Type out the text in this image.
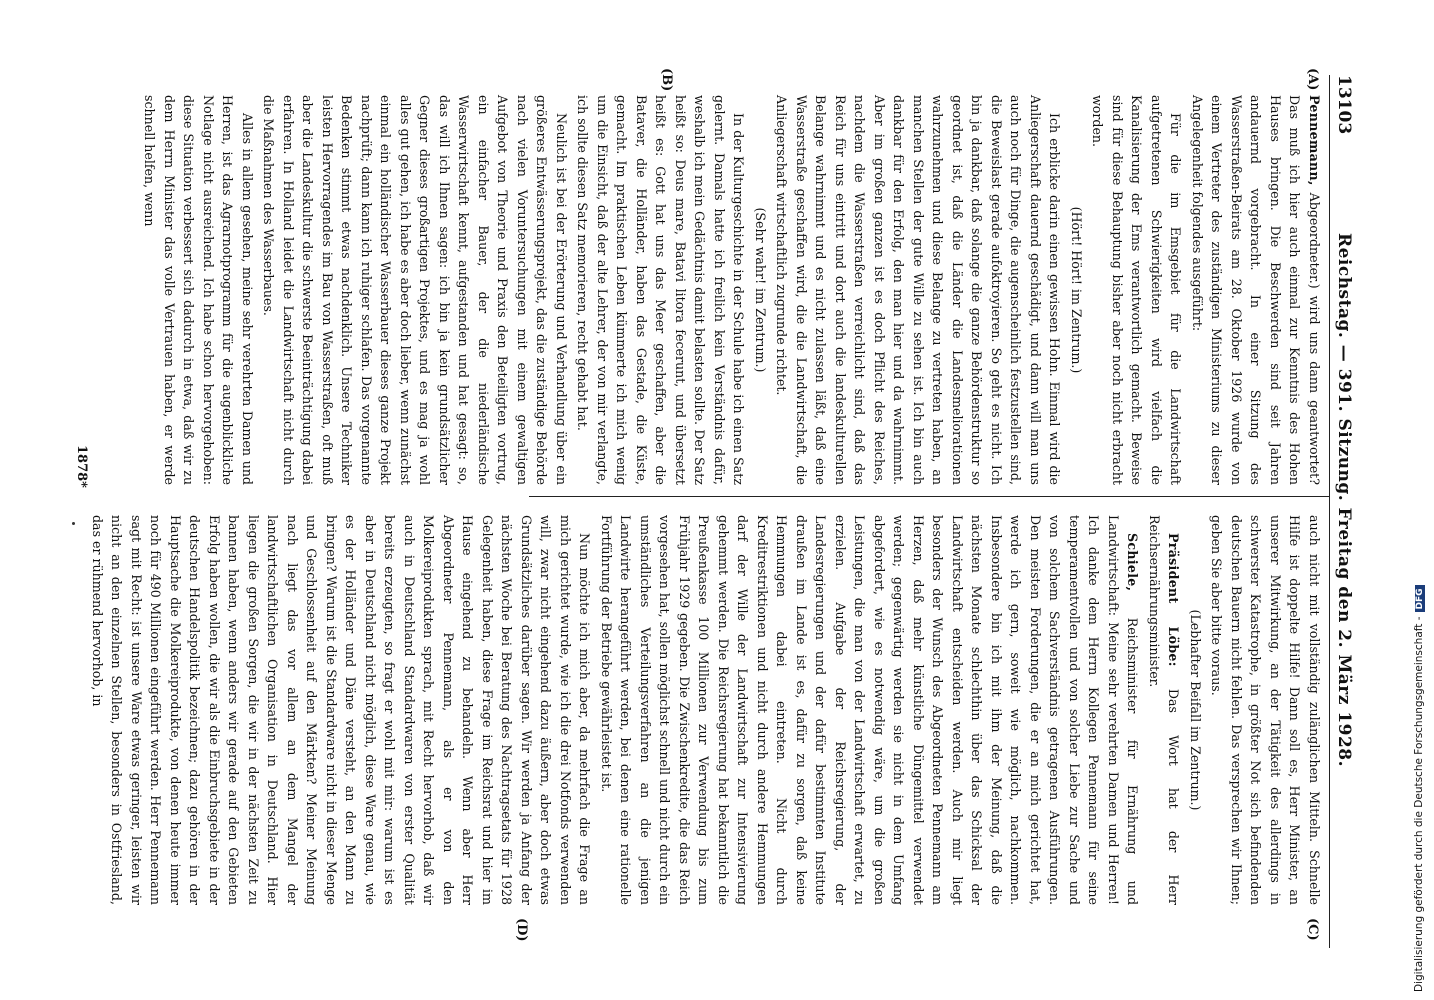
13103
Reichstag. — 391. Sitzung. Freitag den 2. März 1928.
(A)
(B)
(C)
(D)

Pennemann, Abgeordneter.) wird uns dann geantwortet? Das muß ich hier auch einmal zur Kenntnis des Hohen Hauses bringen. Die Beschwerden sind seit Jahren andauernd vorgebracht. In einer Sitzung des Wasserstraßen-Beirats am 28. Oktober 1926 wurde von einem Vertreter des zuständigen Ministeriums zu dieser Angelegenheit folgendes ausgeführt:

Für die im Emsgebiet für die Landwirtschaft aufgetretenen Schwierigkeiten wird vielfach die Kanalisierung der Ems verantwortlich gemacht. Beweise sind für diese Behauptung bisher aber noch nicht erbracht worden.

(Hört! Hört! im Zentrum.)

Ich erblicke darin einen gewissen Hohn. Einmal wird die Anliegerschaft dauernd geschädigt, und dann will man uns auch noch für Dinge, die augenscheinlich festzustellen sind, die Beweislast gerade aufoktroyieren. So geht es nicht. Ich bin ja dankbar, daß solange die ganze Behördenstruktur so geordnet ist, daß die Länder die Landesmeliorationen wahrzunehmen und diese Belange zu vertreten haben, an manchen Stellen der gute Wille zu sehen ist. Ich bin auch dankbar für den Erfolg, den man hier und da wahrnimmt. Aber im großen ganzen ist es doch Pflicht des Reiches, nachdem die Wasserstraßen verreichlicht sind, daß das Reich für uns eintritt und dort auch die landeskulturellen Belange wahrnimmt und es nicht zulassen läßt, daß eine Wasserstraße geschaffen wird, die die Landwirtschaft, die Anliegerschaft wirtschaftlich zugrunde richtet.

(Sehr wahr! im Zentrum.)

In der Kulturgeschichte in der Schule habe ich einen Satz gelernt. Damals hatte ich freilich kein Verständnis dafür, weshalb ich mein Gedächtnis damit belasten sollte. Der Satz heißt so: Deus mare, Batavi litora fecerunt, und übersetzt heißt es: Gott hat uns das Meer geschaffen, aber die Bataver, die Holländer, haben das Gestade, die Küste, gemacht. Im praktischen Leben kümmerte ich mich wenig um die Einsicht, daß der alte Lehrer, der von mir verlangte, ich sollte diesen Satz memorieren, recht gehabt hat.

Neulich ist bei der Erörterung und Verhandlung über ein größeres Entwässerungsprojekt, das die zuständige Behörde nach vielen Voruntersuchungen mit einem gewaltigen Aufgebot von Theorie und Praxis den Beteiligten vortrug, ein einfacher Bauer, der die niederländische Wasserwirtschaft kennt, aufgestanden und hat gesagt: so, das will ich Ihnen sagen: ich bin ja kein grundsätzlicher Gegner dieses großartigen Projektes, und es mag ja wohl alles gut gehen, ich habe es aber doch lieber, wenn zunächst einmal ein holländischer Wasserbauer dieses ganze Projekt nachprüft; dann kann ich ruhiger schlafen. Das vorgenannte Bedenken stimmt etwas nachdenklich. Unsere Techniker leisten Hervorragendes im Bau von Wasserstraßen, oft muß aber die Landeskultur die schwerste Beeinträchtigung dabei erfahren. In Holland leidet die Landwirtschaft nicht durch die Maßnahmen des Wasserbaues.

Alles in allem gesehen, meine sehr verehrten Damen und Herren, ist das Agrarnotprogramm für die augenblickliche Notlage nicht ausreichend. Ich habe schon hervorgehoben: diese Situation verbessert sich dadurch in etwa, daß wir zu dem Herrn Minister das volle Vertrauen haben, er werde schnell helfen, wenn

auch nicht mit vollständig zulänglichen Mitteln. Schnelle Hilfe ist doppelte Hilfe! Dann soll es, Herr Minister, an unserer Mitwirkung, an der Tätigkeit des allerdings in schwerster Katastrophe, in größter Not sich befindenden deutschen Bauern nicht fehlen. Das versprechen wir Ihnen; geben Sie aber bitte voraus.

(Lebhafter Beifall im Zentrum.)

Präsident Löbe: Das Wort hat der Herr Reichsernährungsminister.

Schiele, Reichsminister für Ernährung und Landwirtschaft: Meine sehr verehrten Damen und Herren! Ich danke dem Herrn Kollegen Pennemann für seine temperamentvollen und von solcher Liebe zur Sache und von solchem Sachverständnis getragenen Ausführungen. Den meisten Forderungen, die er an mich gerichtet hat, werde ich gern, soweit wie möglich, nachkommen. Insbesondere bin ich mit ihm der Meinung, daß die nächsten Monate schlechthin über das Schicksal der Landwirtschaft entscheiden werden. Auch mir liegt besonders der Wunsch des Abgeordneten Pennemann am Herzen, daß mehr künstliche Düngemittel verwendet werden; gegenwärtig werden sie nicht in dem Umfang abgefordert, wie es notwendig wäre, um die großen Leistungen, die man von der Landwirtschaft erwartet, zu erzielen. Aufgabe der Reichsregierung, der Landesregierungen und der dafür bestimmten Institute draußen im Lande ist es, dafür zu sorgen, daß keine Hemmungen dabei eintreten. Nicht durch Kreditrestriktionen und nicht durch andere Hemmungen darf der Wille der Landwirtschaft zur Intensivierung gehemmt werden. Die Reichsregierung hat bekanntlich die Preußenkasse 100 Millionen zur Verwendung bis zum Frühjahr 1929 gegeben. Die Zwischenkredite, die das Reich vorgesehen hat, sollen möglichst schnell und nicht durch ein umständliches Verteilungsverfahren an die jenigen Landwirte herangeführt werden, bei denen eine rationelle Fortführung der Betriebe gewährleistet ist.

Nun möchte ich mich aber, da mehrfach die Frage an mich gerichtet wurde, wie ich die drei Notfonds verwenden will, zwar nicht eingehend dazu äußern, aber doch etwas Grundsätzliches darüber sagen. Wir werden ja Anfang der nächsten Woche bei Beratung des Nachtragsetats für 1928 Gelegenheit haben, diese Frage im Reichsrat und hier im Hause eingehend zu behandeln. Wenn aber Herr Abgeordneter Pennemann, als er von den Molkereiprodukten sprach, mit Recht hervorhob, daß wir auch in Deutschland Standardwaren von erster Qualität bereits erzeugten, so fragt er wohl mit mir: warum ist es aber in Deutschland nicht möglich, diese Ware genau, wie es der Holländer und Däne versteht, an den Mann zu bringen? Warum ist die Standardware nicht in dieser Menge und Geschlossenheit auf den Märkten? Meiner Meinung nach liegt das vor allem an dem Mangel der landwirtschaftlichen Organisation in Deutschland. Hier liegen die großen Sorgen, die wir in der nächsten Zeit zu bannen haben, wenn anders wir gerade auf den Gebieten Erfolg haben wollen, die wir als die Einbruchsgebiete in der deutschen Handelspolitik bezeichnen; dazu gehören in der Hauptsache die Molkereiprodukte, von denen heute immer noch für 490 Millionen eingeführt werden. Herr Pennemann sagt mit Recht: ist unsere Ware etwas geringer, leisten wir nicht an den einzelnen Stellen, besonders in Ostfriesland, das er rühmend hervorhob, in

1878*
Digitalisierung gefördert durch die Deutsche Forschungsgemeinschaft -DFG
